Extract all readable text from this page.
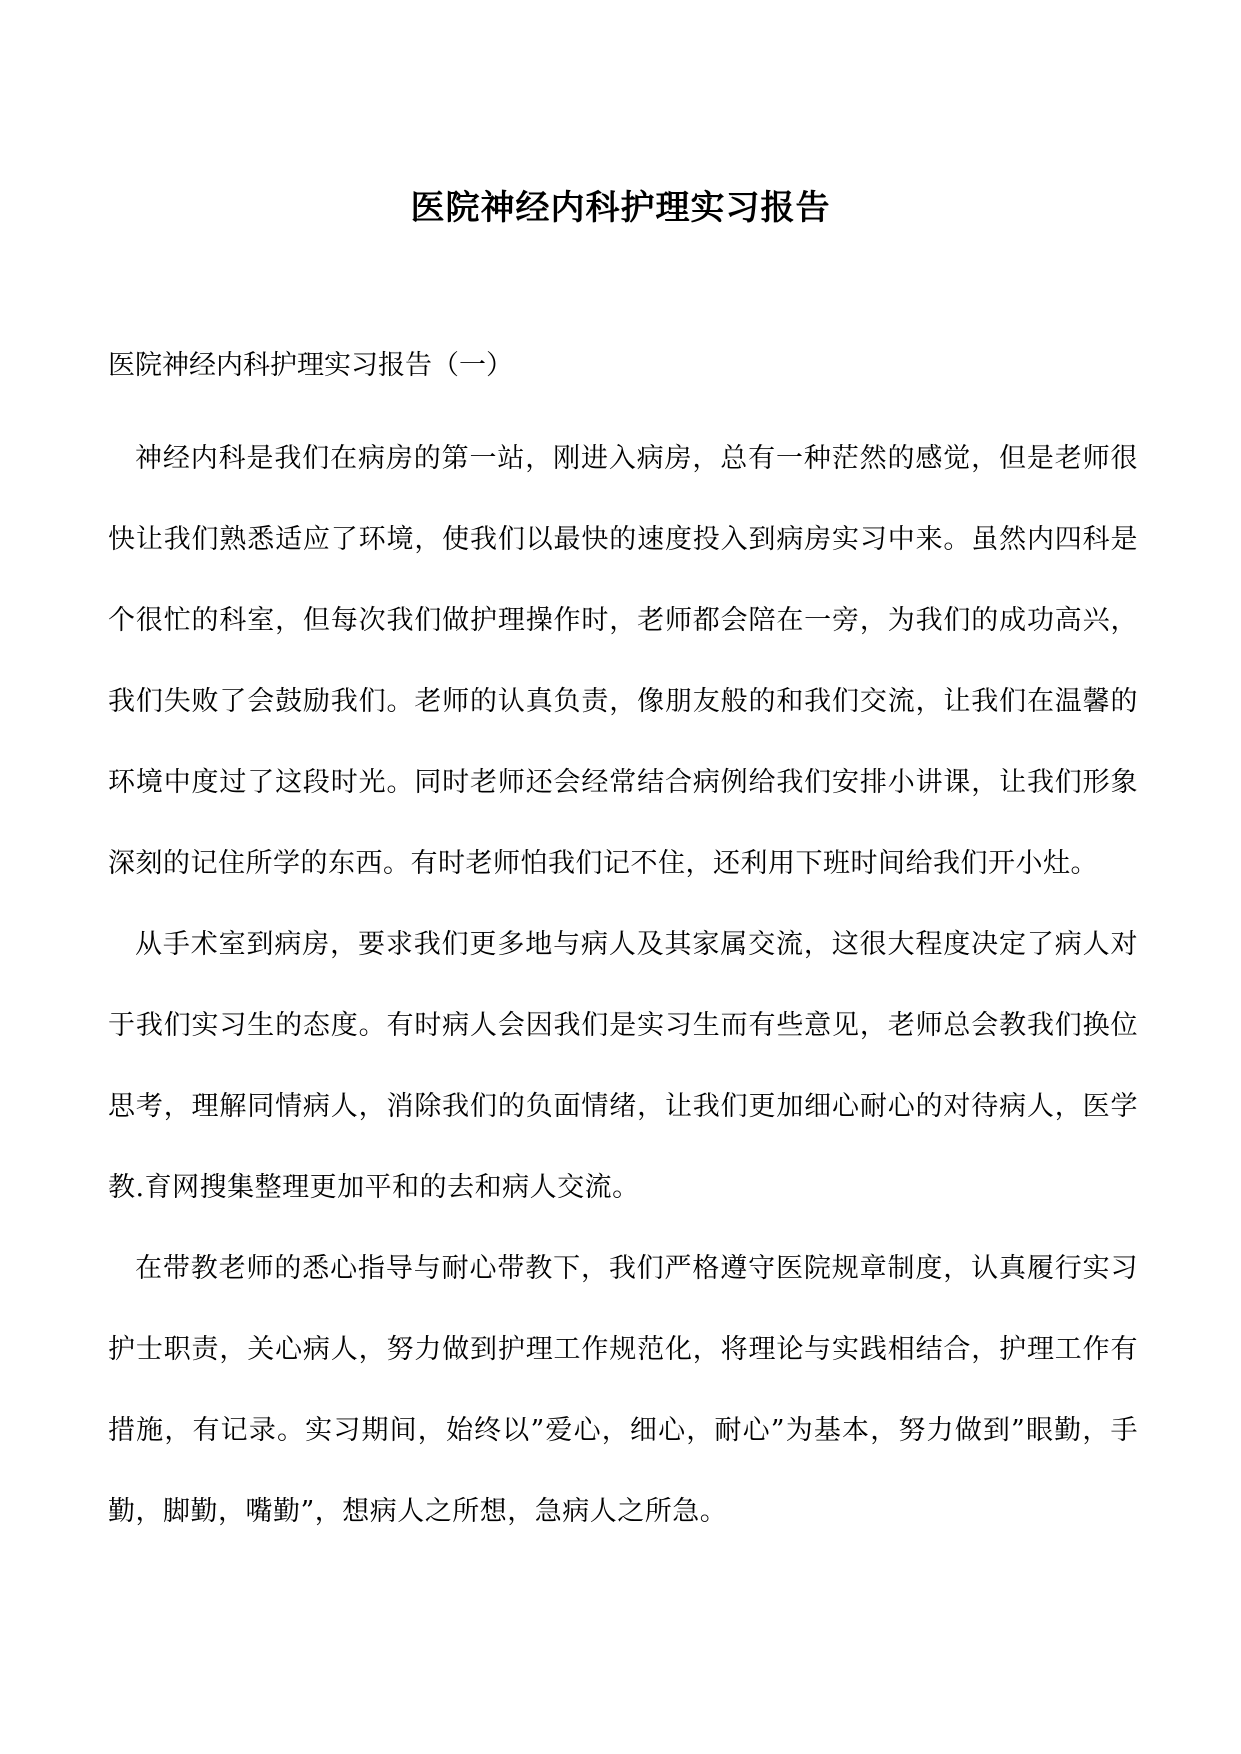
医院神经内科护理实习报告
医院神经内科护理实习报告（一）

神经内科是我们在病房的第一站，刚进入病房，总有一种茫然的感觉，但是老师很快让我们熟悉适应了环境，使我们以最快的速度投入到病房实习中来。虽然内四科是个很忙的科室，但每次我们做护理操作时，老师都会陪在一旁，为我们的成功高兴，我们失败了会鼓励我们。老师的认真负责，像朋友般的和我们交流，让我们在温馨的环境中度过了这段时光。同时老师还会经常结合病例给我们安排小讲课，让我们形象深刻的记住所学的东西。有时老师怕我们记不住，还利用下班时间给我们开小灶。

从手术室到病房，要求我们更多地与病人及其家属交流，这很大程度决定了病人对于我们实习生的态度。有时病人会因我们是实习生而有些意见，老师总会教我们换位思考，理解同情病人，消除我们的负面情绪，让我们更加细心耐心的对待病人，医学教.育网搜集整理更加平和的去和病人交流。

在带教老师的悉心指导与耐心带教下，我们严格遵守医院规章制度，认真履行实习护士职责，关心病人，努力做到护理工作规范化，将理论与实践相结合，护理工作有措施，有记录。实习期间，始终以”爱心，细心，耐心”为基本，努力做到”眼勤，手勤，脚勤，嘴勤”，想病人之所想，急病人之所急。
